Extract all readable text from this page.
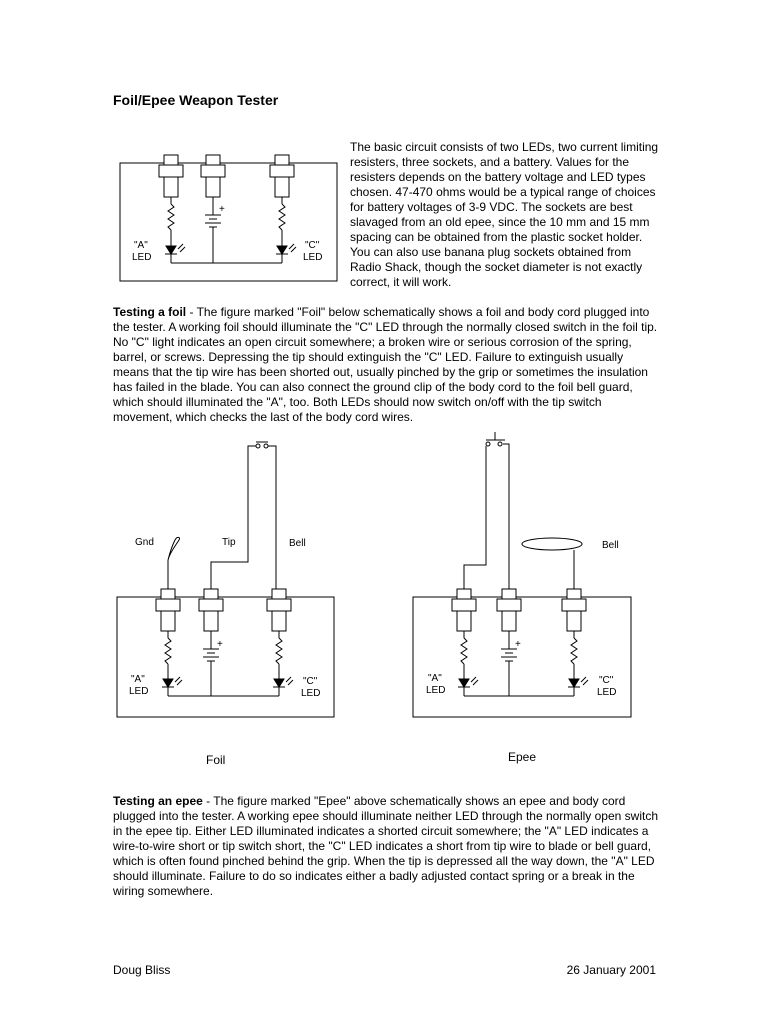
Foil/Epee Weapon Tester
+
"A" LED
"C" LED

The basic circuit consists of two LEDs, two current limiting resisters, three sockets, and a battery. Values for the resisters depends on the battery voltage and LED types chosen. 47-470 ohms would be a typical range of choices for battery voltages of 3-9 VDC. The sockets are best slavaged from an old epee, since the 10 mm and 15 mm spacing can be obtained from the plastic socket holder. You can also use banana plug sockets obtained from Radio Shack, though the socket diameter is not exactly correct, it will work.

Testing a foil - The figure marked "Foil" below schematically shows a foil and body cord plugged into the tester. A working foil should illuminate the "C" LED through the normally closed switch in the foil tip. No "C" light indicates an open circuit somewhere; a broken wire or serious corrosion of the spring, barrel, or screws. Depressing the tip should extinguish the "C" LED. Failure to extinguish usually means that the tip wire has been shorted out, usually pinched by the grip or sometimes the insulation has failed in the blade. You can also connect the ground clip of the body cord to the foil bell guard, which should illuminated the "A", too. Both LEDs should now switch on/off with the tip switch movement, which checks the last of the body cord wires.

Gnd	Tip	Bell
+
"A" LED
"C" LED
Bell
+
"A" LED
"C" LED
Foil	Epee

Testing an epee - The figure marked "Epee" above schematically shows an epee and body cord plugged into the tester. A working epee should illuminate neither LED through the normally open switch in the epee tip. Either LED illuminated indicates a shorted circuit somewhere; the "A" LED indicates a wire-to-wire short or tip switch short, the "C" LED indicates a short from tip wire to blade or bell guard, which is often found pinched behind the grip. When the tip is depressed all the way down, the "A" LED should illuminate. Failure to do so indicates either a badly adjusted contact spring or a break in the wiring somewhere.

Doug Bliss	26 January 2001
